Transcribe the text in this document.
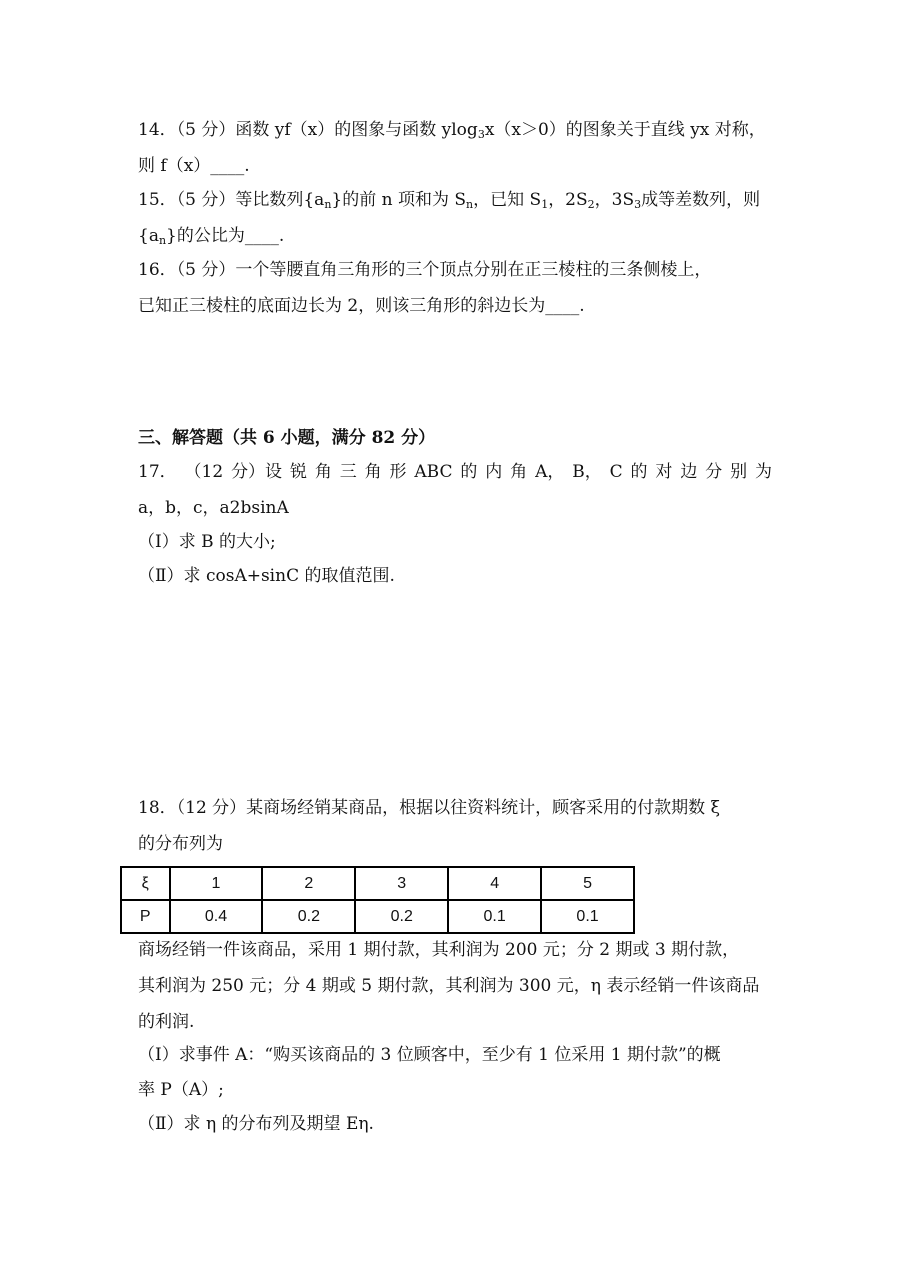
14．（5 分）函数 yf（x）的图象与函数 ylog$_3$x（x＞0）的图象关于直线 yx 对称，
则 f（x）____.
15．（5 分）等比数列$\{a_n\}$的前 n 项和为 $S_n$，已知 $S_1$，$2S_2$，$3S_3$成等差数列，则
$\{a_n\}$的公比为____.
16．（5 分）一个等腰直角三角形的三个顶点分别在正三棱柱的三条侧棱上，
已知正三棱柱的底面边长为 2，则该三角形的斜边长为____.
三、解答题（共 6 小题，满分 82 分）
17． （12 分）设 锐 角 三 角 形 ABC 的 内 角 A， B， C 的 对 边 分 别 为
a，b，c，a2bsinA
（Ⅰ）求 B 的大小;
（Ⅱ）求 cosA+sinC 的取值范围.
18．（12 分）某商场经销某商品，根据以往资料统计，顾客采用的付款期数 ξ
的分布列为
ξ	1	2	3	4	5
P	0.4	0.2	0.2	0.1	0.1
商场经销一件该商品，采用 1 期付款，其利润为 200 元；分 2 期或 3 期付款，
其利润为 250 元；分 4 期或 5 期付款，其利润为 300 元，η 表示经销一件该商品
的利润.
（Ⅰ）求事件 A：“购买该商品的 3 位顾客中，至少有 1 位采用 1 期付款”的概
率 P（A）;
（Ⅱ）求 η 的分布列及期望 Eη.
